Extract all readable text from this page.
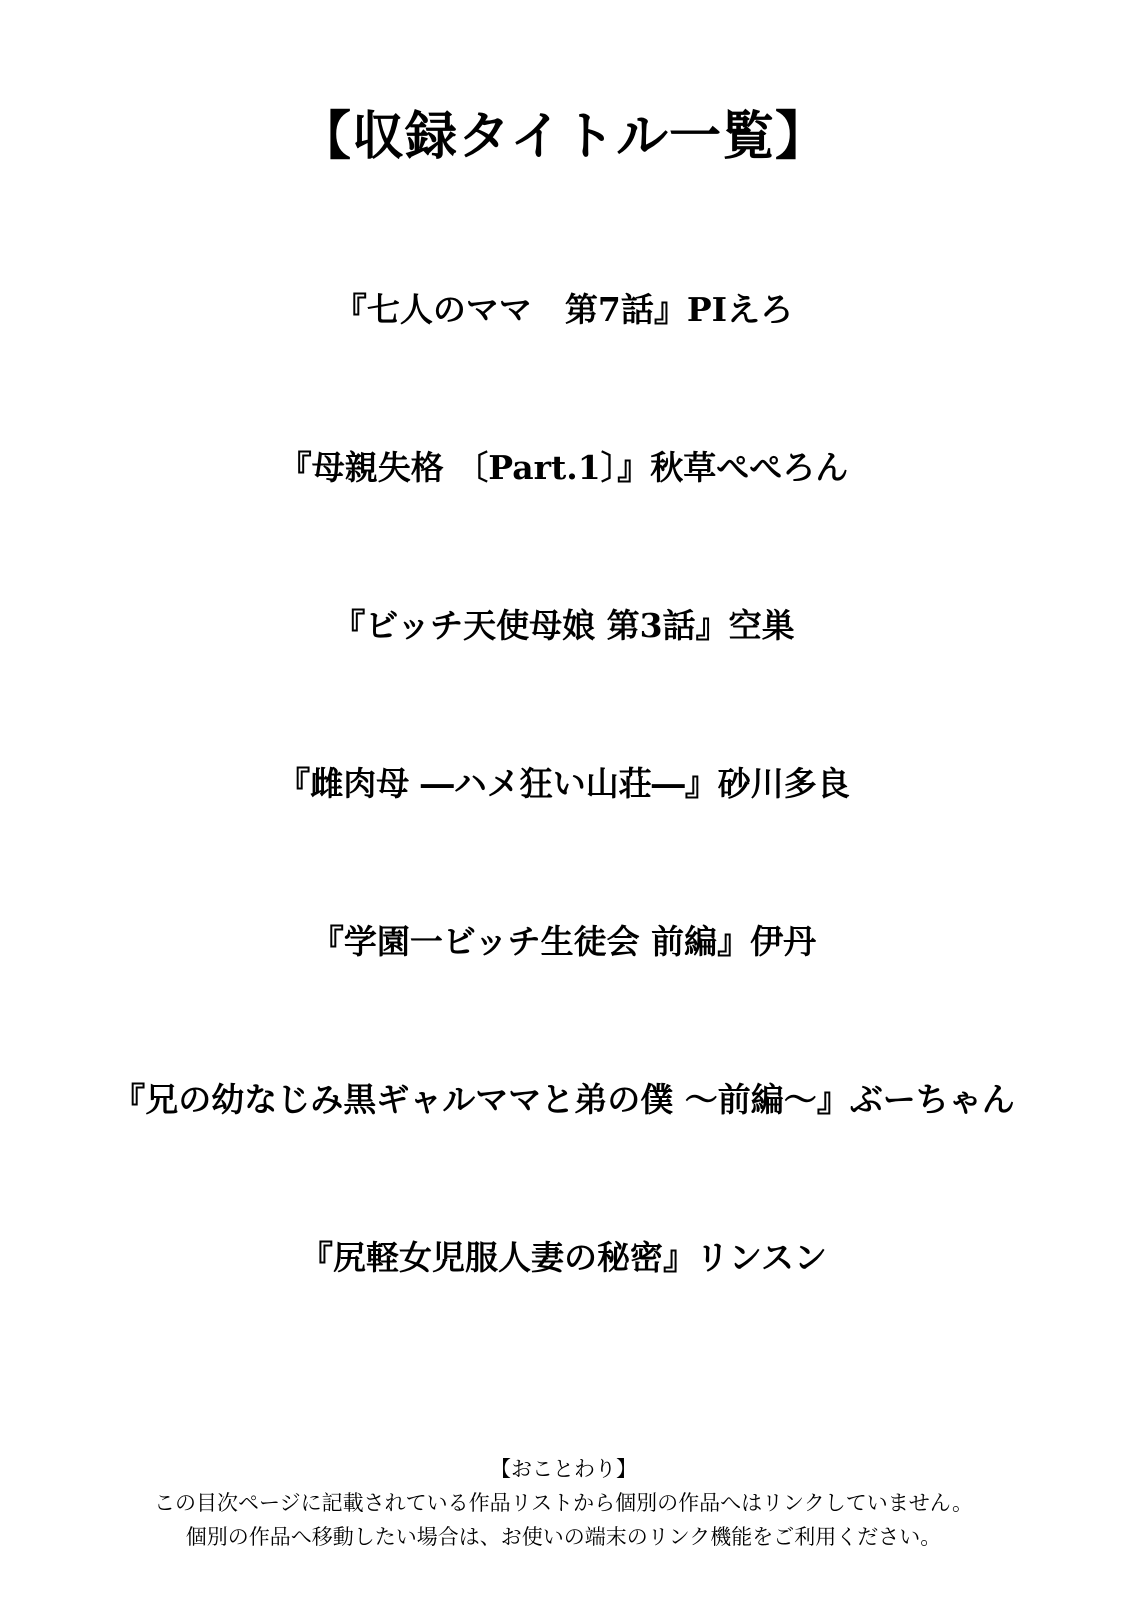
【収録タイトル一覧】
『七人のママ　第7話』PIえろ
『母親失格 〔Part.1〕』秋草ぺぺろん
『ビッチ天使母娘 第3話』空巣
『雌肉母 ―ハメ狂い山荘―』砂川多良
『学園一ビッチ生徒会 前編』伊丹
『兄の幼なじみ黒ギャルママと弟の僕 ～前編～』ぶーちゃん
『尻軽女児服人妻の秘密』リンスン
【おことわり】
この目次ページに記載されている作品リストから個別の作品へはリンクしていません。
個別の作品へ移動したい場合は、お使いの端末のリンク機能をご利用ください。
